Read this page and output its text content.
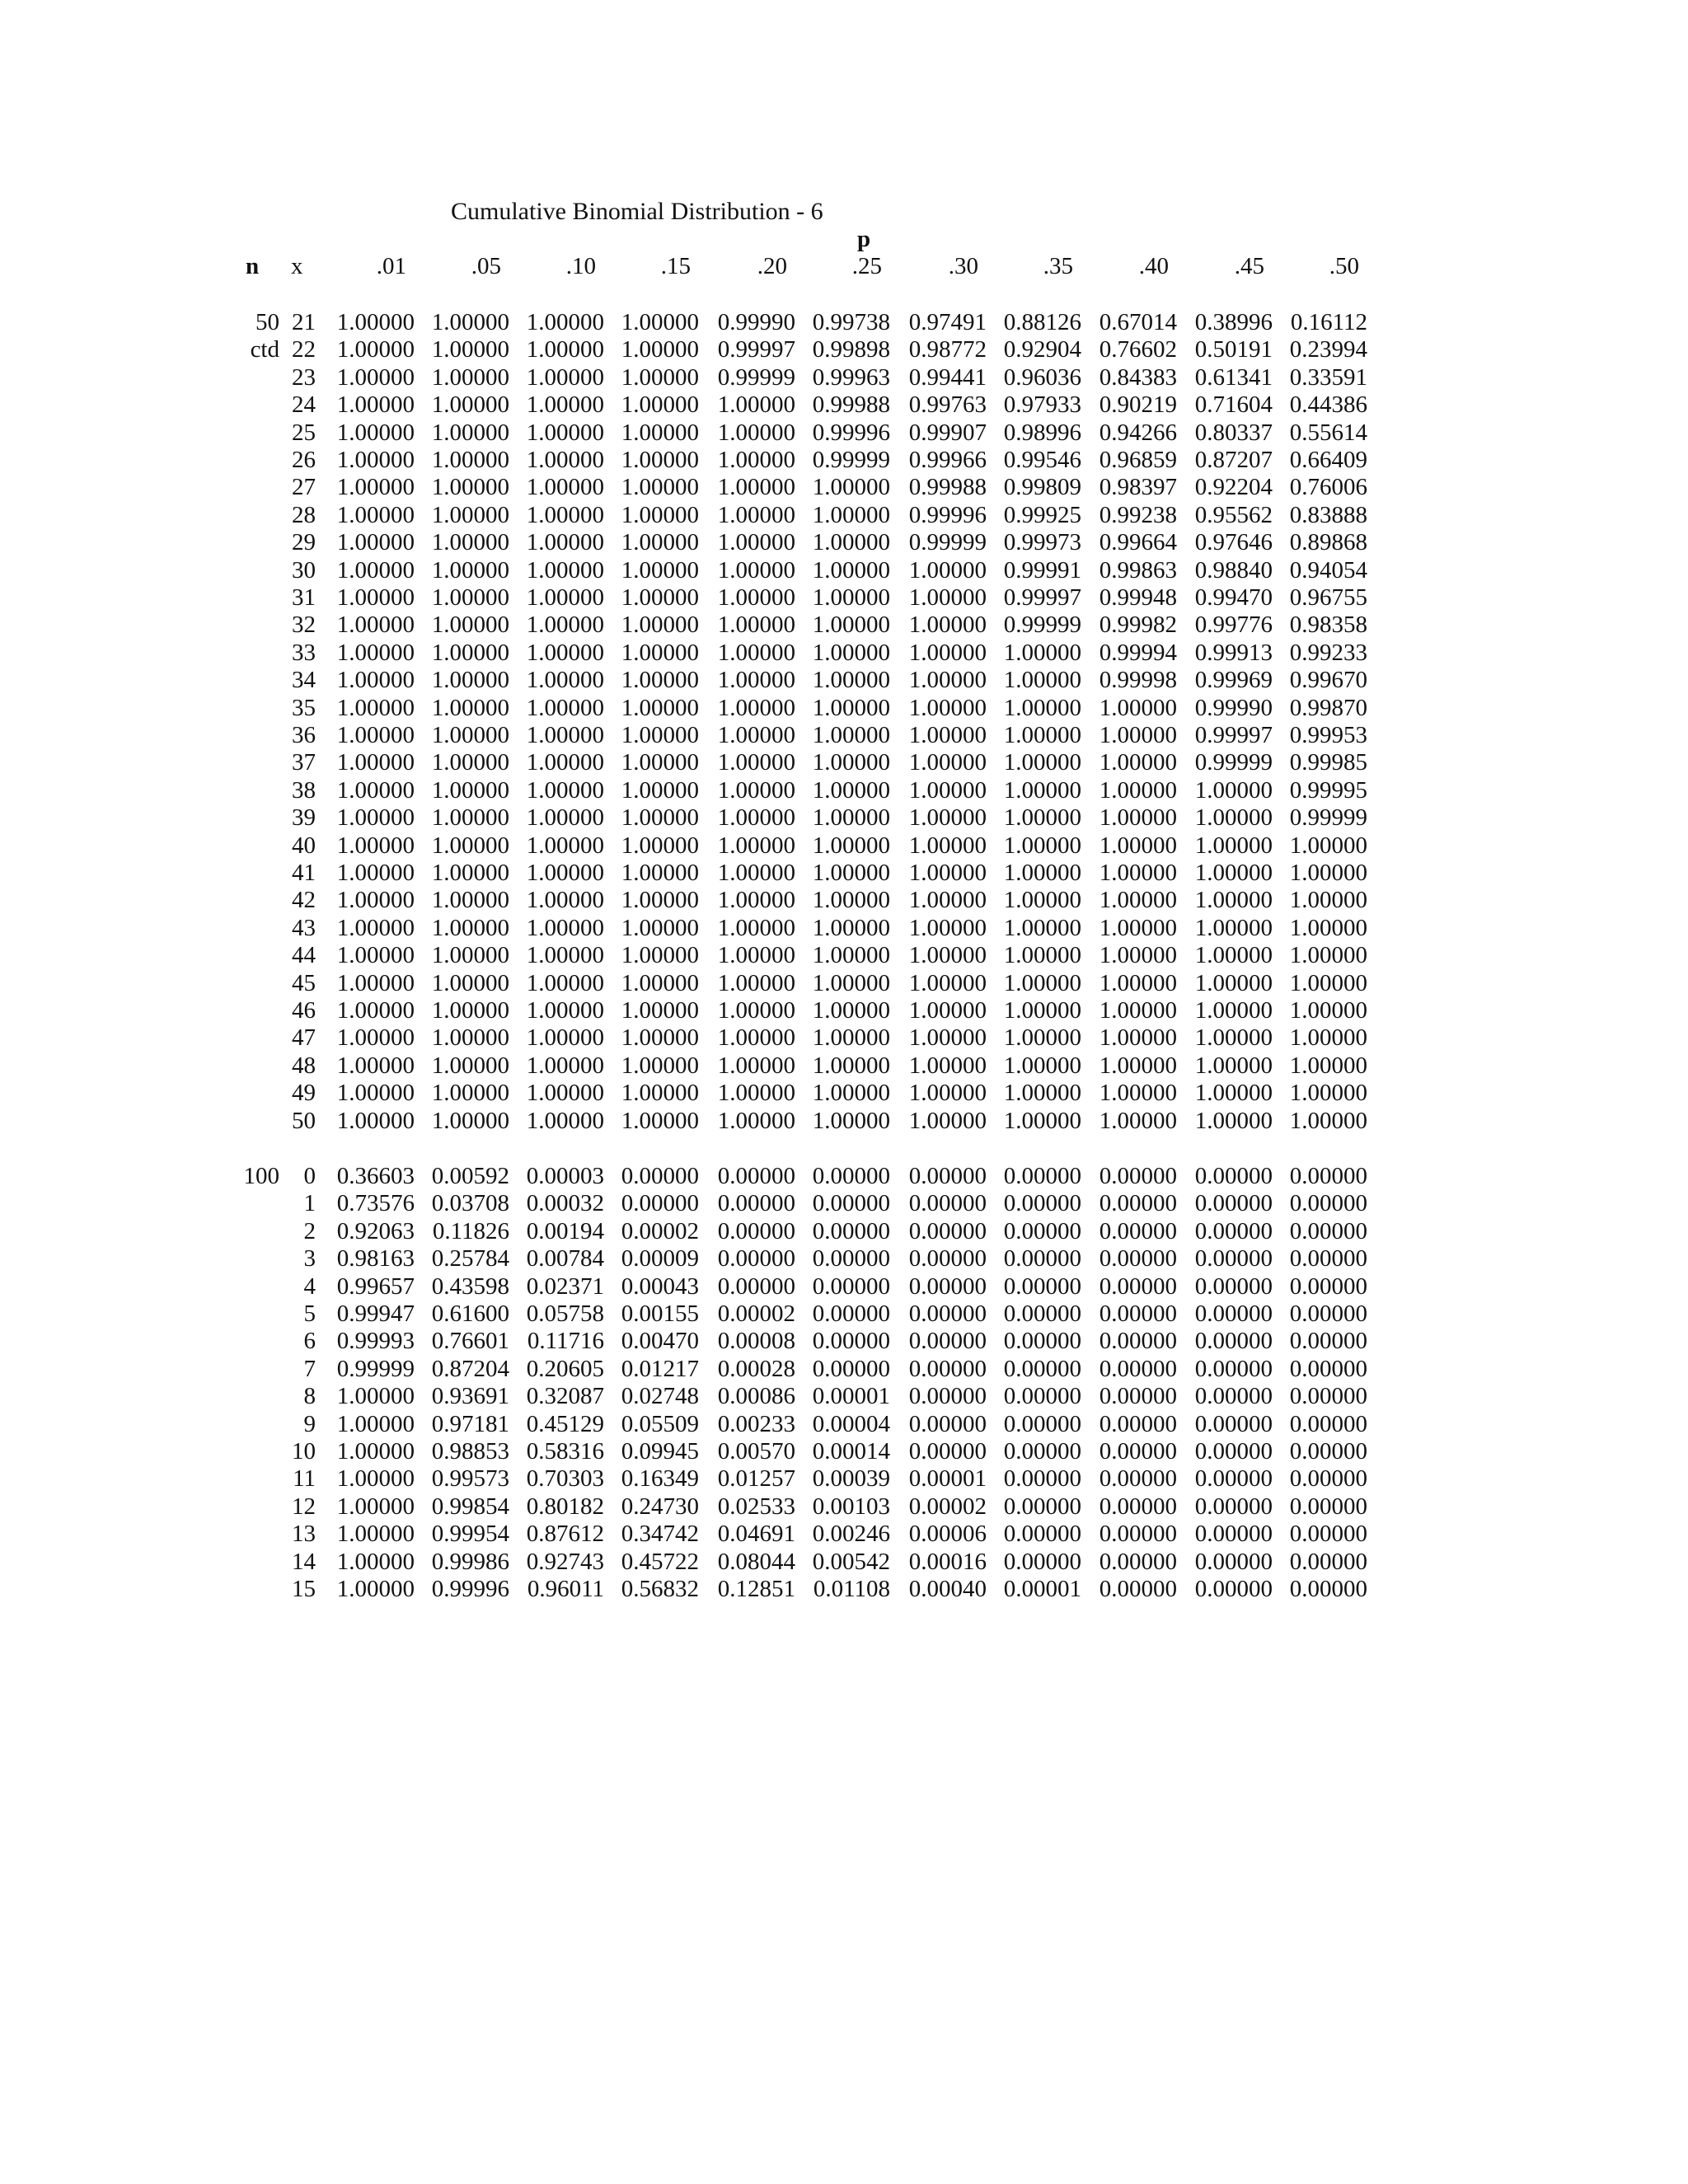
Cumulative Binomial Distribution - 6
p
n x	.01	.05	.10	.15	.20	.25	.30	.35	.40	.45	.50
50 21 1.00000 1.00000 1.00000 1.00000 0.99990 0.99738 0.97491 0.88126 0.67014 0.38996 0.16112
ctd 22 1.00000 1.00000 1.00000 1.00000 0.99997 0.99898 0.98772 0.92904 0.76602 0.50191 0.23994
23 1.00000 1.00000 1.00000 1.00000 0.99999 0.99963 0.99441 0.96036 0.84383 0.61341 0.33591
24 1.00000 1.00000 1.00000 1.00000 1.00000 0.99988 0.99763 0.97933 0.90219 0.71604 0.44386
25 1.00000 1.00000 1.00000 1.00000 1.00000 0.99996 0.99907 0.98996 0.94266 0.80337 0.55614
26 1.00000 1.00000 1.00000 1.00000 1.00000 0.99999 0.99966 0.99546 0.96859 0.87207 0.66409
27 1.00000 1.00000 1.00000 1.00000 1.00000 1.00000 0.99988 0.99809 0.98397 0.92204 0.76006
28 1.00000 1.00000 1.00000 1.00000 1.00000 1.00000 0.99996 0.99925 0.99238 0.95562 0.83888
29 1.00000 1.00000 1.00000 1.00000 1.00000 1.00000 0.99999 0.99973 0.99664 0.97646 0.89868
30 1.00000 1.00000 1.00000 1.00000 1.00000 1.00000 1.00000 0.99991 0.99863 0.98840 0.94054
31 1.00000 1.00000 1.00000 1.00000 1.00000 1.00000 1.00000 0.99997 0.99948 0.99470 0.96755
32 1.00000 1.00000 1.00000 1.00000 1.00000 1.00000 1.00000 0.99999 0.99982 0.99776 0.98358
33 1.00000 1.00000 1.00000 1.00000 1.00000 1.00000 1.00000 1.00000 0.99994 0.99913 0.99233
34 1.00000 1.00000 1.00000 1.00000 1.00000 1.00000 1.00000 1.00000 0.99998 0.99969 0.99670
35 1.00000 1.00000 1.00000 1.00000 1.00000 1.00000 1.00000 1.00000 1.00000 0.99990 0.99870
36 1.00000 1.00000 1.00000 1.00000 1.00000 1.00000 1.00000 1.00000 1.00000 0.99997 0.99953
37 1.00000 1.00000 1.00000 1.00000 1.00000 1.00000 1.00000 1.00000 1.00000 0.99999 0.99985
38 1.00000 1.00000 1.00000 1.00000 1.00000 1.00000 1.00000 1.00000 1.00000 1.00000 0.99995
39 1.00000 1.00000 1.00000 1.00000 1.00000 1.00000 1.00000 1.00000 1.00000 1.00000 0.99999
40 1.00000 1.00000 1.00000 1.00000 1.00000 1.00000 1.00000 1.00000 1.00000 1.00000 1.00000
41 1.00000 1.00000 1.00000 1.00000 1.00000 1.00000 1.00000 1.00000 1.00000 1.00000 1.00000
42 1.00000 1.00000 1.00000 1.00000 1.00000 1.00000 1.00000 1.00000 1.00000 1.00000 1.00000
43 1.00000 1.00000 1.00000 1.00000 1.00000 1.00000 1.00000 1.00000 1.00000 1.00000 1.00000
44 1.00000 1.00000 1.00000 1.00000 1.00000 1.00000 1.00000 1.00000 1.00000 1.00000 1.00000
45 1.00000 1.00000 1.00000 1.00000 1.00000 1.00000 1.00000 1.00000 1.00000 1.00000 1.00000
46 1.00000 1.00000 1.00000 1.00000 1.00000 1.00000 1.00000 1.00000 1.00000 1.00000 1.00000
47 1.00000 1.00000 1.00000 1.00000 1.00000 1.00000 1.00000 1.00000 1.00000 1.00000 1.00000
48 1.00000 1.00000 1.00000 1.00000 1.00000 1.00000 1.00000 1.00000 1.00000 1.00000 1.00000
49 1.00000 1.00000 1.00000 1.00000 1.00000 1.00000 1.00000 1.00000 1.00000 1.00000 1.00000
50 1.00000 1.00000 1.00000 1.00000 1.00000 1.00000 1.00000 1.00000 1.00000 1.00000 1.00000
100	0 0.36603 0.00592 0.00003 0.00000 0.00000 0.00000 0.00000 0.00000 0.00000 0.00000 0.00000
1 0.73576 0.03708 0.00032 0.00000 0.00000 0.00000 0.00000 0.00000 0.00000 0.00000 0.00000
2 0.92063 0.11826 0.00194 0.00002 0.00000 0.00000 0.00000 0.00000 0.00000 0.00000 0.00000
3 0.98163 0.25784 0.00784 0.00009 0.00000 0.00000 0.00000 0.00000 0.00000 0.00000 0.00000
4 0.99657 0.43598 0.02371 0.00043 0.00000 0.00000 0.00000 0.00000 0.00000 0.00000 0.00000
5 0.99947 0.61600 0.05758 0.00155 0.00002 0.00000 0.00000 0.00000 0.00000 0.00000 0.00000
6 0.99993 0.76601 0.11716 0.00470 0.00008 0.00000 0.00000 0.00000 0.00000 0.00000 0.00000
7 0.99999 0.87204 0.20605 0.01217 0.00028 0.00000 0.00000 0.00000 0.00000 0.00000 0.00000
8 1.00000 0.93691 0.32087 0.02748 0.00086 0.00001 0.00000 0.00000 0.00000 0.00000 0.00000
9 1.00000 0.97181 0.45129 0.05509 0.00233 0.00004 0.00000 0.00000 0.00000 0.00000 0.00000
10 1.00000 0.98853 0.58316 0.09945 0.00570 0.00014 0.00000 0.00000 0.00000 0.00000 0.00000
11 1.00000 0.99573 0.70303 0.16349 0.01257 0.00039 0.00001 0.00000 0.00000 0.00000 0.00000
12 1.00000 0.99854 0.80182 0.24730 0.02533 0.00103 0.00002 0.00000 0.00000 0.00000 0.00000
13 1.00000 0.99954 0.87612 0.34742 0.04691 0.00246 0.00006 0.00000 0.00000 0.00000 0.00000
14 1.00000 0.99986 0.92743 0.45722 0.08044 0.00542 0.00016 0.00000 0.00000 0.00000 0.00000
15 1.00000 0.99996 0.96011 0.56832 0.12851 0.01108 0.00040 0.00001 0.00000 0.00000 0.00000
